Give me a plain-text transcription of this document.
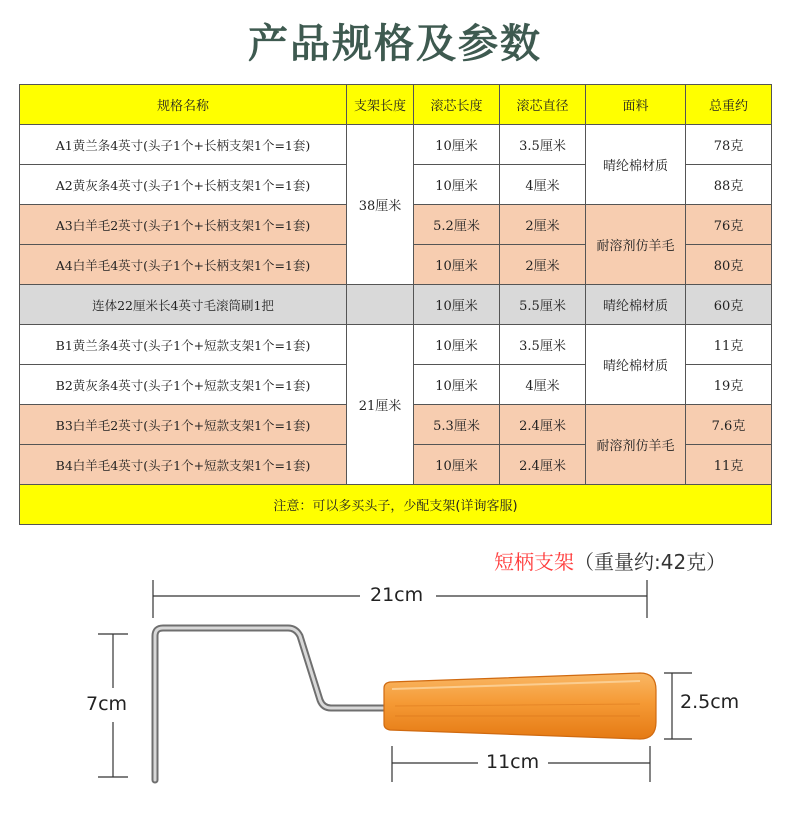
产品规格及参数
规格名称	支架长度	滚芯长度	滚芯直径	面料	总重约
A1黄兰条4英寸(头子1个+长柄支架1个=1套)	38厘米	10厘米	3.5厘米	晴纶棉材质	78克
A2黄灰条4英寸(头子1个+长柄支架1个=1套)		10厘米	4厘米		88克
A3白羊毛2英寸(头子1个+长柄支架1个=1套)		5.2厘米	2厘米	耐溶剂仿羊毛	76克
A4白羊毛4英寸(头子1个+长柄支架1个=1套)		10厘米	2厘米		80克
连体22厘米长4英寸毛滚筒刷1把		10厘米	5.5厘米	晴纶棉材质	60克
B1黄兰条4英寸(头子1个+短款支架1个=1套)	21厘米	10厘米	3.5厘米	晴纶棉材质	11克
B2黄灰条4英寸(头子1个+短款支架1个=1套)		10厘米	4厘米		19克
B3白羊毛2英寸(头子1个+短款支架1个=1套)		5.3厘米	2.4厘米	耐溶剂仿羊毛	7.6克
B4白羊毛4英寸(头子1个+短款支架1个=1套)		10厘米	2.4厘米		11克
注意：可以多买头子，少配支架(详询客服)					
短柄支架（重量约:42克）
21cm
7cm	2.5cm
11cm
